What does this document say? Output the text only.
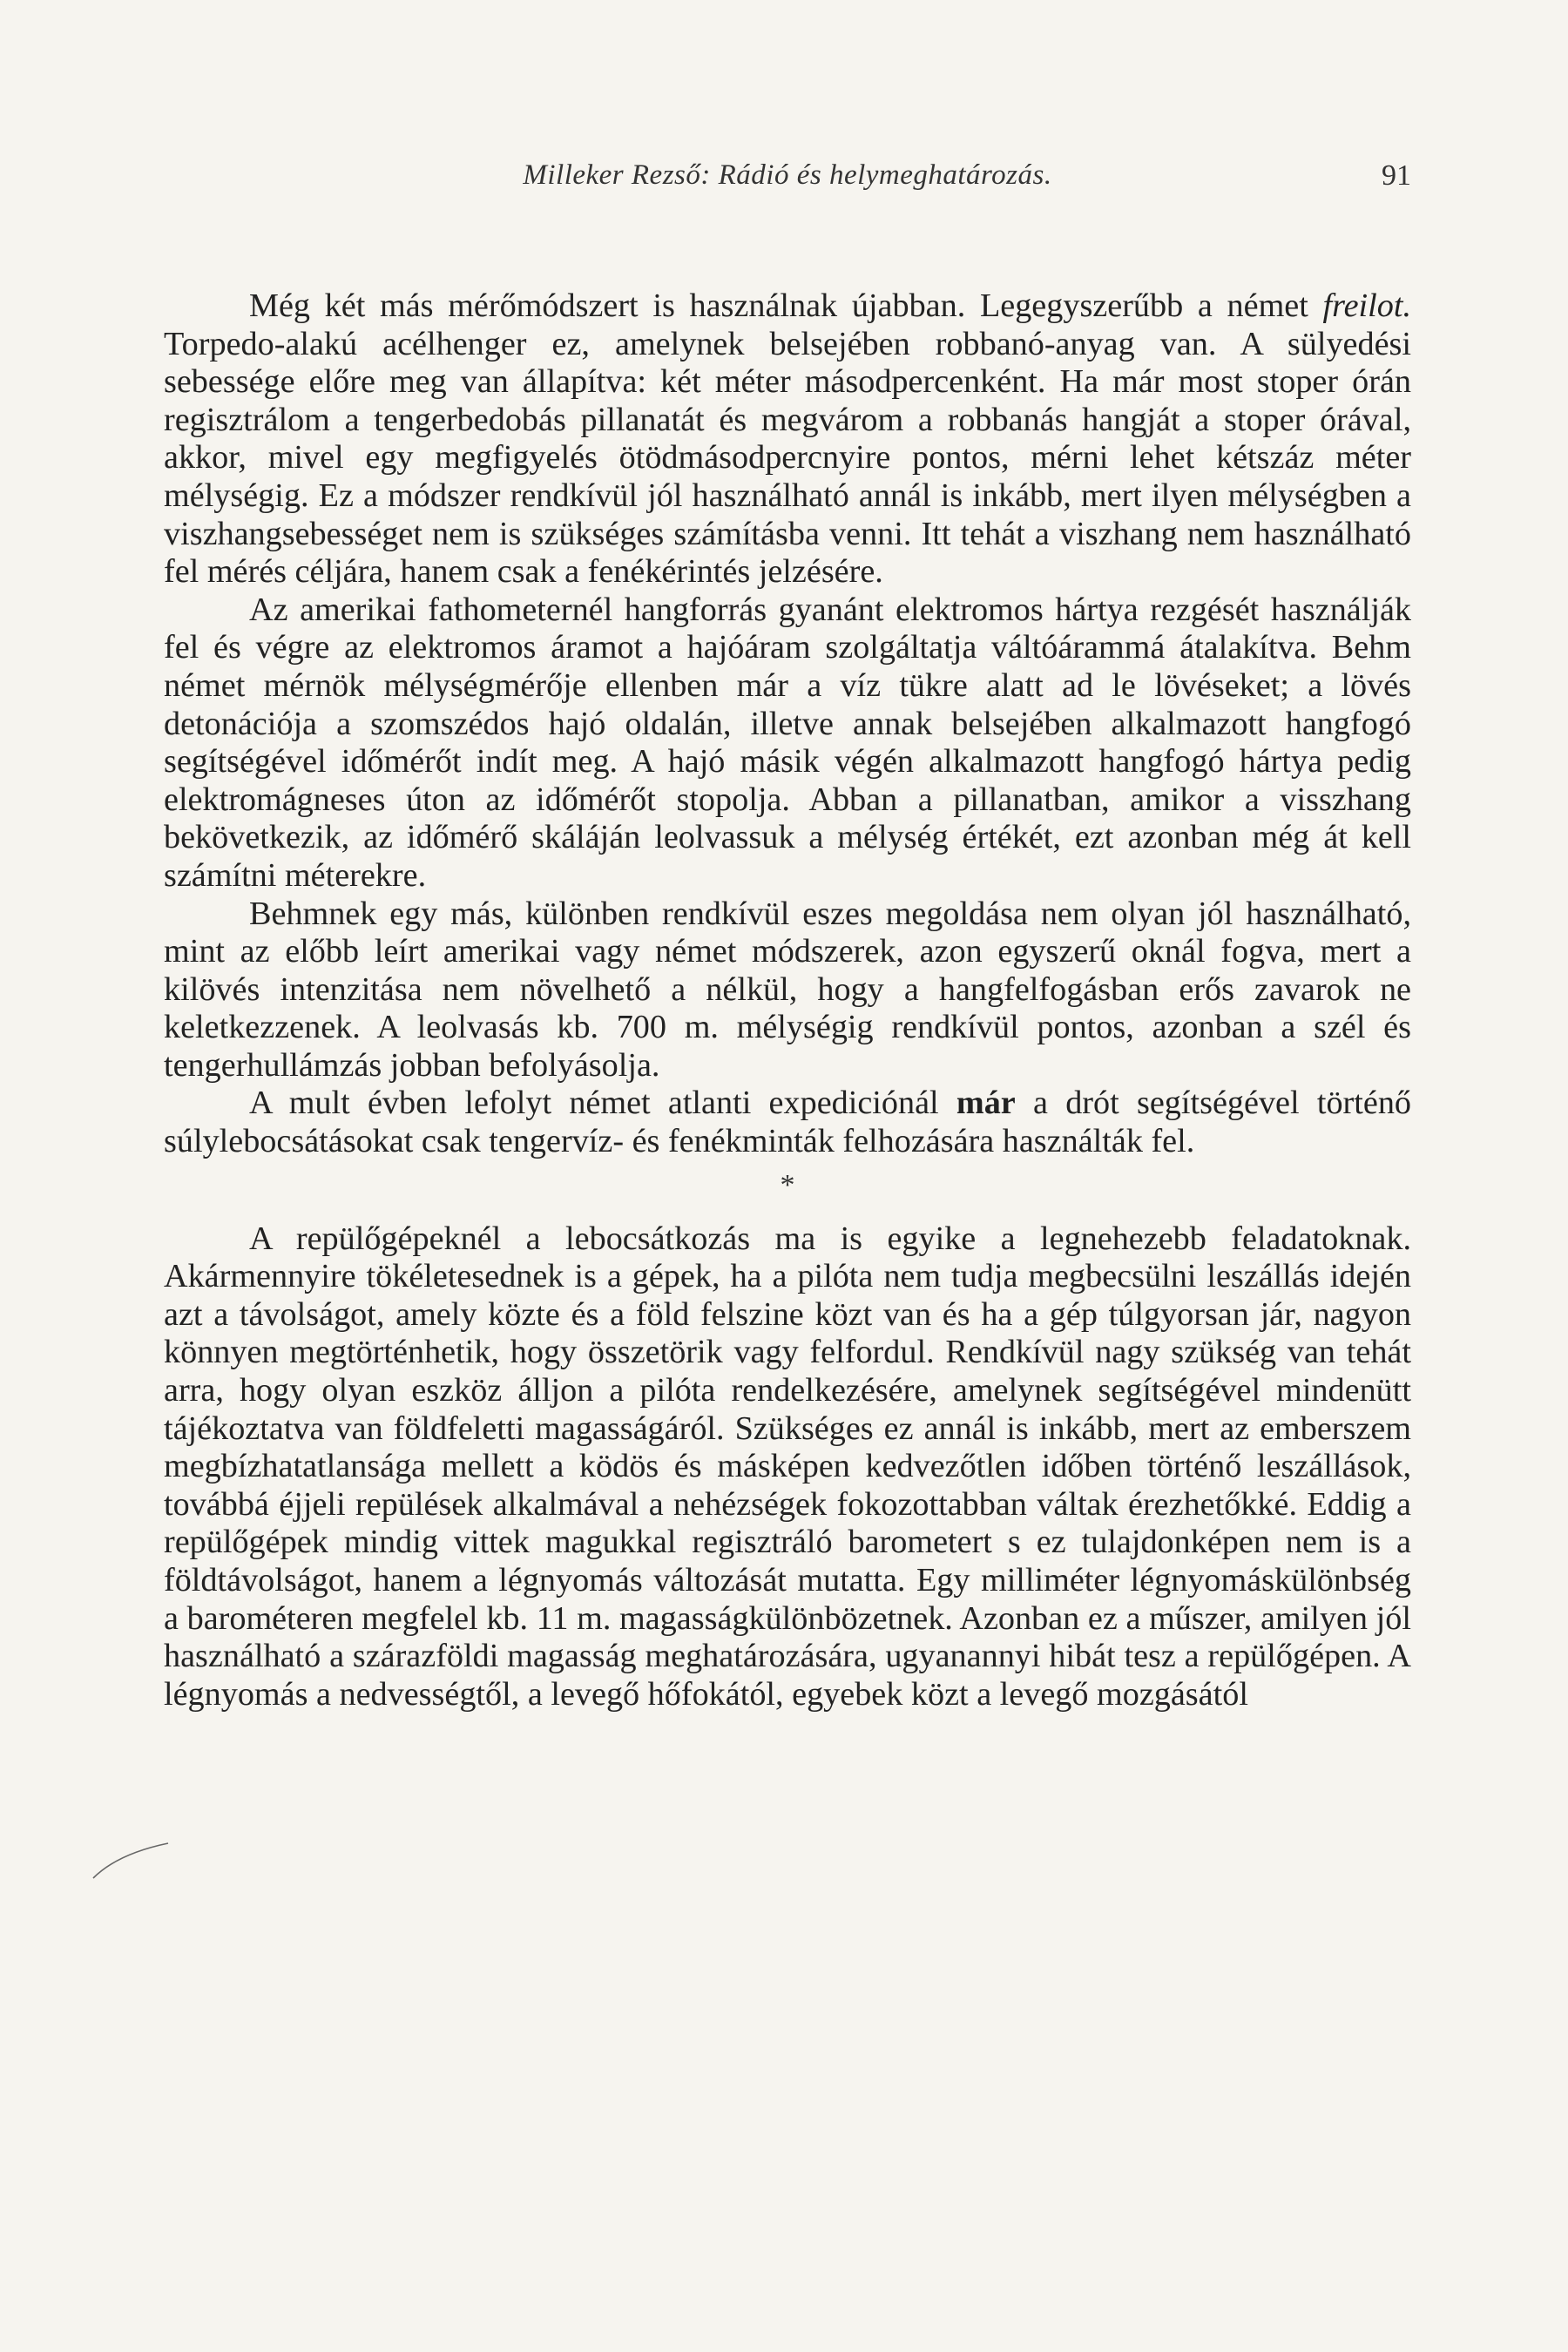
Milleker Rezső: Rádió és helymeghatározás.	91

Még két más mérőmódszert is használnak újabban. Legegyszerűbb a német freilot. Torpedo-alakú acélhenger ez, amelynek belsejében robbanó-anyag van. A sülyedési sebessége előre meg van állapítva: két méter másodpercenként. Ha már most stoper órán regisztrálom a tengerbedobás pillanatát és megvárom a robbanás hangját a stoper órával, akkor, mivel egy megfigyelés ötödmásodpercnyire pontos, mérni lehet kétszáz méter mélységig. Ez a módszer rendkívül jól használható annál is inkább, mert ilyen mélységben a viszhangsebességet nem is szükséges számításba venni. Itt tehát a viszhang nem használható fel mérés céljára, hanem csak a fenékérintés jelzésére.

Az amerikai fathometernél hangforrás gyanánt elektromos hártya rezgését használják fel és végre az elektromos áramot a hajóáram szolgáltatja váltóárammá átalakítva. Behm német mérnök mélységmérője ellenben már a víz tükre alatt ad le lövéseket; a lövés detonációja a szomszédos hajó oldalán, illetve annak belsejében alkalmazott hangfogó segítségével időmérőt indít meg. A hajó másik végén alkalmazott hangfogó hártya pedig elektromágneses úton az időmérőt stopolja. Abban a pillanatban, amikor a visszhang bekövetkezik, az időmérő skáláján leolvassuk a mélység értékét, ezt azonban még át kell számítni méterekre.

Behmnek egy más, különben rendkívül eszes megoldása nem olyan jól használható, mint az előbb leírt amerikai vagy német módszerek, azon egyszerű oknál fogva, mert a kilövés intenzitása nem növelhető a nélkül, hogy a hangfelfogásban erős zavarok ne keletkezzenek. A leolvasás kb. 700 m. mélységig rendkívül pontos, azonban a szél és tengerhullámzás jobban befolyásolja.

A mult évben lefolyt német atlanti expediciónál már a drót segítségével történő súlylebocsátásokat csak tengervíz- és fenékminták felhozására használták fel.

*

A repülőgépeknél a lebocsátkozás ma is egyike a legnehezebb feladatoknak. Akármennyire tökéletesednek is a gépek, ha a pilóta nem tudja megbecsülni leszállás idején azt a távolságot, amely közte és a föld felszine közt van és ha a gép túlgyorsan jár, nagyon könnyen megtörténhetik, hogy összetörik vagy felfordul. Rendkívül nagy szükség van tehát arra, hogy olyan eszköz álljon a pilóta rendelkezésére, amelynek segítségével mindenütt tájékoztatva van földfeletti magasságáról. Szükséges ez annál is inkább, mert az emberszem megbízhatatlansága mellett a ködös és másképen kedvezőtlen időben történő leszállások, továbbá éjjeli repülések alkalmával a nehézségek fokozottabban váltak érezhetőkké. Eddig a repülőgépek mindig vittek magukkal regisztráló barometert s ez tulajdonképen nem is a földtávolságot, hanem a légnyomás változását mutatta. Egy milliméter légnyomáskülönbség a barométeren megfelel kb. 11 m. magasságkülönbözetnek. Azonban ez a műszer, amilyen jól használható a szárazföldi magasság meghatározására, ugyanannyi hibát tesz a repülőgépen. A légnyomás a nedvességtől, a levegő hőfokától, egyebek közt a levegő mozgásától
